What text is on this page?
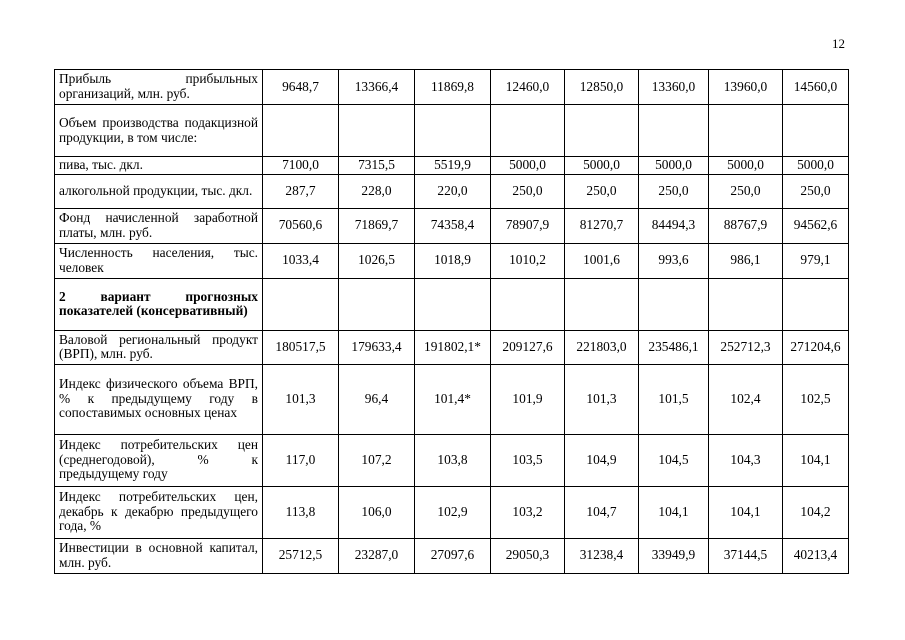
12
Прибыль прибыльных организаций, млн. руб.	9648,7	13366,4	11869,8	12460,0	12850,0	13360,0	13960,0	14560,0
Объем производства подакцизной продукции, в том числе:								
пива, тыс. дкл.	7100,0	7315,5	5519,9	5000,0	5000,0	5000,0	5000,0	5000,0
алкогольной продукции, тыс. дкл.	287,7	228,0	220,0	250,0	250,0	250,0	250,0	250,0
Фонд начисленной заработной платы, млн. руб.	70560,6	71869,7	74358,4	78907,9	81270,7	84494,3	88767,9	94562,6
Численность населения, тыс. человек	1033,4	1026,5	1018,9	1010,2	1001,6	993,6	986,1	979,1
2 вариант прогнозных показателей (консервативный)								
Валовой региональный продукт (ВРП), млн. руб.	180517,5	179633,4	191802,1*	209127,6	221803,0	235486,1	252712,3	271204,6
Индекс физического объема ВРП, % к предыдущему году в сопоставимых основных ценах	101,3	96,4	101,4*	101,9	101,3	101,5	102,4	102,5
Индекс потребительских цен (среднегодовой), % к предыдущему году	117,0	107,2	103,8	103,5	104,9	104,5	104,3	104,1
Индекс потребительских цен, декабрь к декабрю предыдущего года, %	113,8	106,0	102,9	103,2	104,7	104,1	104,1	104,2
Инвестиции в основной капитал, млн. руб.	25712,5	23287,0	27097,6	29050,3	31238,4	33949,9	37144,5	40213,4
